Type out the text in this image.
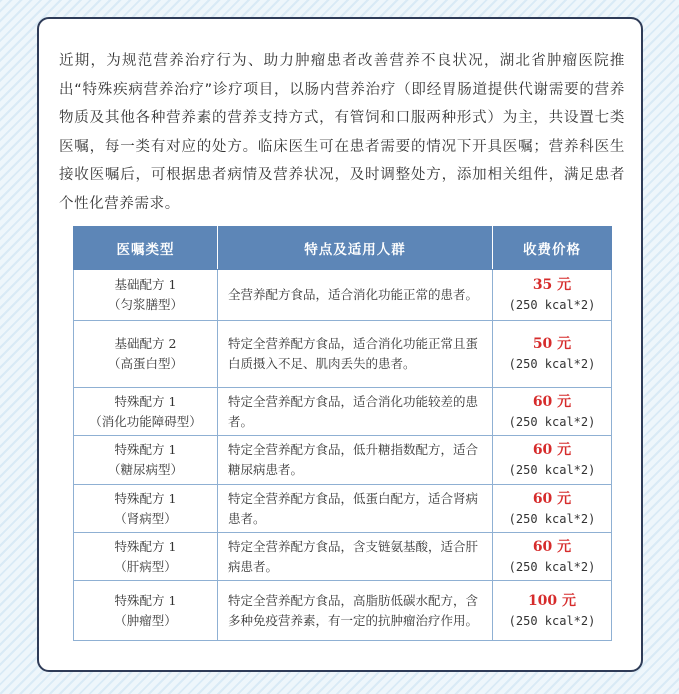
近期，为规范营养治疗行为、助力肿瘤患者改善营养不良状况，湖北省肿瘤医院推出“特殊疾病营养治疗”诊疗项目，以肠内营养治疗（即经胃肠道提供代谢需要的营养物质及其他各种营养素的营养支持方式，有管饲和口服两种形式）为主，共设置七类医嘱，每一类有对应的处方。临床医生可在患者需要的情况下开具医嘱；营养科医生接收医嘱后，可根据患者病情及营养状况，及时调整处方，添加相关组件，满足患者个性化营养需求。

医嘱类型	特点及适用人群	收费价格

基础配方 1
（匀浆膳型）	全营养配方食品，适合消化功能正常的患者。	35 元
(250 kcal*2)

基础配方 2
（高蛋白型）	特定全营养配方食品，适合消化功能正常且蛋白质摄入不足、肌肉丢失的患者。	50 元
(250 kcal*2)

特殊配方 1
（消化功能障碍型）	特定全营养配方食品，适合消化功能较差的患者。	60 元
(250 kcal*2)

特殊配方 1
（糖尿病型）	特定全营养配方食品，低升糖指数配方，适合糖尿病患者。	60 元
(250 kcal*2)

特殊配方 1
（肾病型）	特定全营养配方食品，低蛋白配方，适合肾病患者。	60 元
(250 kcal*2)

特殊配方 1
（肝病型）	特定全营养配方食品，含支链氨基酸，适合肝病患者。	60 元
(250 kcal*2)

特殊配方 1
（肿瘤型）	特定全营养配方食品，高脂肪低碳水配方，含多种免疫营养素，有一定的抗肿瘤治疗作用。	100 元
(250 kcal*2)
